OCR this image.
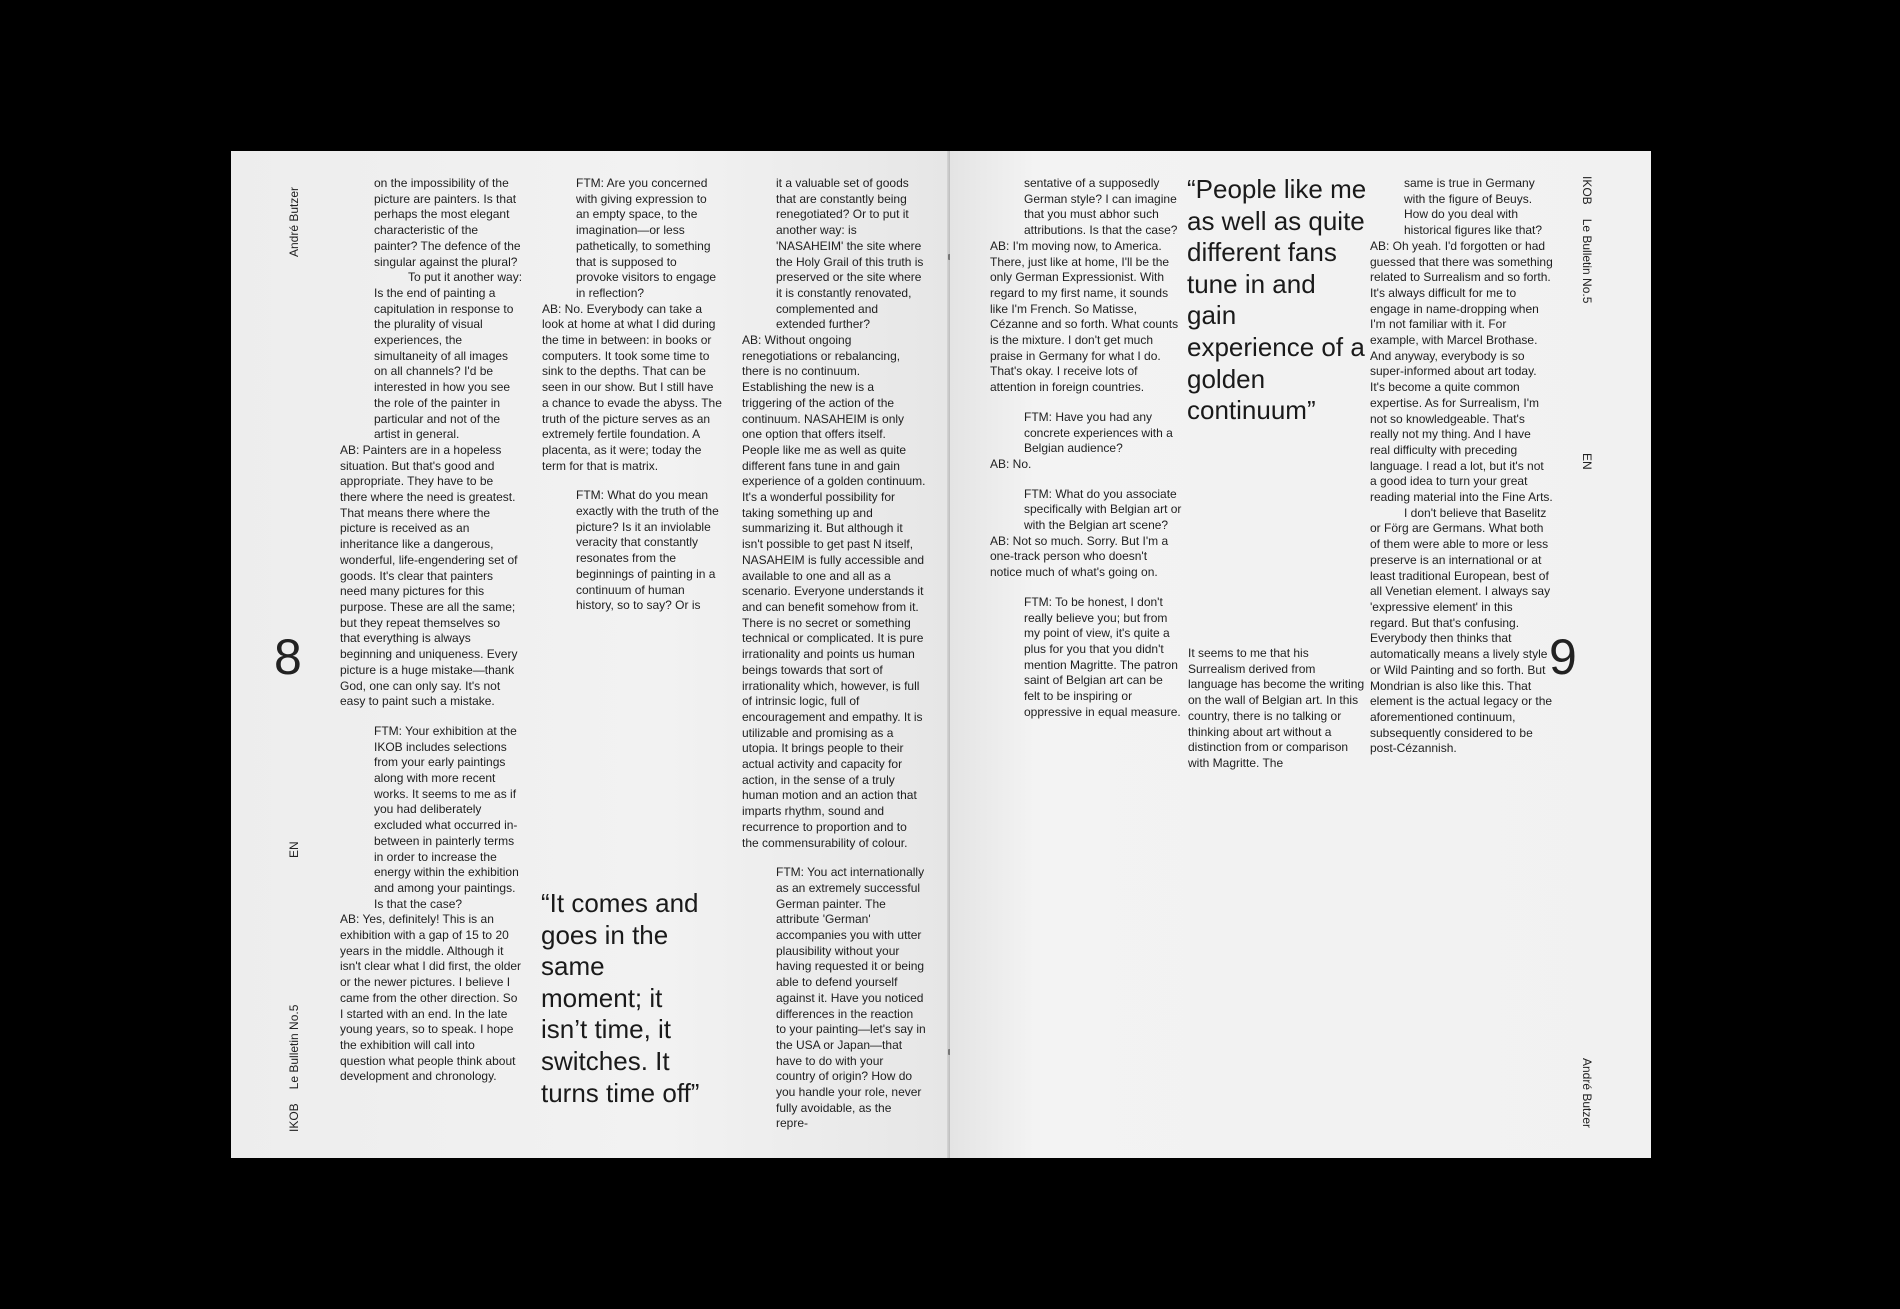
André Butzer
IKOBLe Bulletin No.5
EN
8

on the impossibility of the picture are painters. Is that perhaps the most elegant characteristic of the painter? The defence of the singular against the plural?

To put it another way: Is the end of painting a capitulation in response to the plurality of visual experiences, the simultaneity of all images on all channels? I'd be interested in how you see the role of the painter in particular and not of the artist in general.

AB: Painters are in a hopeless situation. But that's good and appropriate. They have to be there where the need is greatest. That means there where the picture is received as an inheritance like a dangerous, wonderful, life-engendering set of goods. It's clear that painters need many pictures for this purpose. These are all the same; but they repeat themselves so that everything is always beginning and uniqueness. Every picture is a huge mistake—thank God, one can only say. It's not easy to paint such a mistake.

FTM: Your exhibition at the IKOB includes selections from your early paintings along with more recent works. It seems to me as if you had deliberately excluded what occurred in-between in painterly terms in order to increase the energy within the exhibition and among your paintings. Is that the case?

AB: Yes, definitely! This is an exhibition with a gap of 15 to 20 years in the middle. Although it isn't clear what I did first, the older or the newer pictures. I believe I came from the other direction. So I started with an end. In the late young years, so to speak. I hope the exhibition will call into question what people think about development and chronology.

FTM: Are you concerned with giving expression to an empty space, to the imagination—or less pathetically, to something that is supposed to provoke visitors to engage in reflection?

AB: No. Everybody can take a look at home at what I did during the time in between: in books or computers. It took some time to sink to the depths. That can be seen in our show. But I still have a chance to evade the abyss. The truth of the picture serves as an extremely fertile foundation. A placenta, as it were; today the term for that is matrix.

FTM: What do you mean exactly with the truth of the picture? Is it an inviolable veracity that constantly resonates from the beginnings of painting in a continuum of human history, so to say? Or is

“It comes and goes in the same moment; it isn’t time, it switches. It turns time off”

it a valuable set of goods that are constantly being renegotiated? Or to put it another way: is 'NASAHEIM' the site where the Holy Grail of this truth is preserved or the site where it is constantly renovated, complemented and extended further?

AB: Without ongoing renegotiations or rebalancing, there is no continuum. Establishing the new is a triggering of the action of the continuum. NASAHEIM is only one option that offers itself. People like me as well as quite different fans tune in and gain experience of a golden continuum. It's a wonderful possibility for taking something up and summarizing it. But although it isn't possible to get past N itself, NASAHEIM is fully accessible and available to one and all as a scenario. Everyone understands it and can benefit somehow from it. There is no secret or something technical or complicated. It is pure irrationality and points us human beings towards that sort of irrationality which, however, is full of intrinsic logic, full of encouragement and empathy. It is utilizable and promising as a utopia. It brings people to their actual activity and capacity for action, in the sense of a truly human motion and an action that imparts rhythm, sound and recurrence to proportion and to the commensurability of colour.

FTM: You act internationally as an extremely successful German painter. The attribute 'German' accompanies you with utter plausibility without your having requested it or being able to defend yourself against it. Have you noticed differences in the reaction to your painting—let's say in the USA or Japan—that have to do with your country of origin? How do you handle your role, never fully avoidable, as the repre-

sentative of a supposedly German style? I can imagine that you must abhor such attributions. Is that the case?

AB: I'm moving now, to America. There, just like at home, I'll be the only German Expressionist. With regard to my first name, it sounds like I'm French. So Matisse, Cézanne and so forth. What counts is the mixture. I don't get much praise in Germany for what I do. That's okay. I receive lots of attention in foreign countries.

FTM: Have you had any concrete experiences with a Belgian audience?

AB: No.

FTM: What do you associate specifically with Belgian art or with the Belgian art scene?

AB: Not so much. Sorry. But I'm a one-track person who doesn't notice much of what's going on.

FTM: To be honest, I don't really believe you; but from my point of view, it's quite a plus for you that you didn't mention Magritte. The patron saint of Belgian art can be felt to be inspiring or oppressive in equal measure.

“People like me as well as quite different fans tune in and gain experience of a golden continuum”

It seems to me that his Surrealism derived from language has become the writing on the wall of Belgian art. In this country, there is no talking or thinking about art without a distinction from or comparison with Magritte. The

same is true in Germany with the figure of Beuys. How do you deal with historical figures like that?

AB: Oh yeah. I'd forgotten or had guessed that there was something related to Surrealism and so forth. It's always difficult for me to engage in name-dropping when I'm not familiar with it. For example, with Marcel Brothase. And anyway, everybody is so super-informed about art today. It's become a quite common expertise. As for Surrealism, I'm not so knowledgeable. That's really not my thing. And I have real difficulty with preceding language. I read a lot, but it's not a good idea to turn your great reading material into the Fine Arts.

I don't believe that Baselitz or Förg are Germans. What both of them were able to more or less preserve is an international or at least traditional European, best of all Venetian element. I always say 'expressive element' in this regard. But that's confusing. Everybody then thinks that automatically means a lively style or Wild Painting and so forth. But Mondrian is also like this. That element is the actual legacy or the aforementioned continuum, subsequently considered to be post-Cézannish.

IKOBLe Bulletin No.5
EN
André Butzer
9
